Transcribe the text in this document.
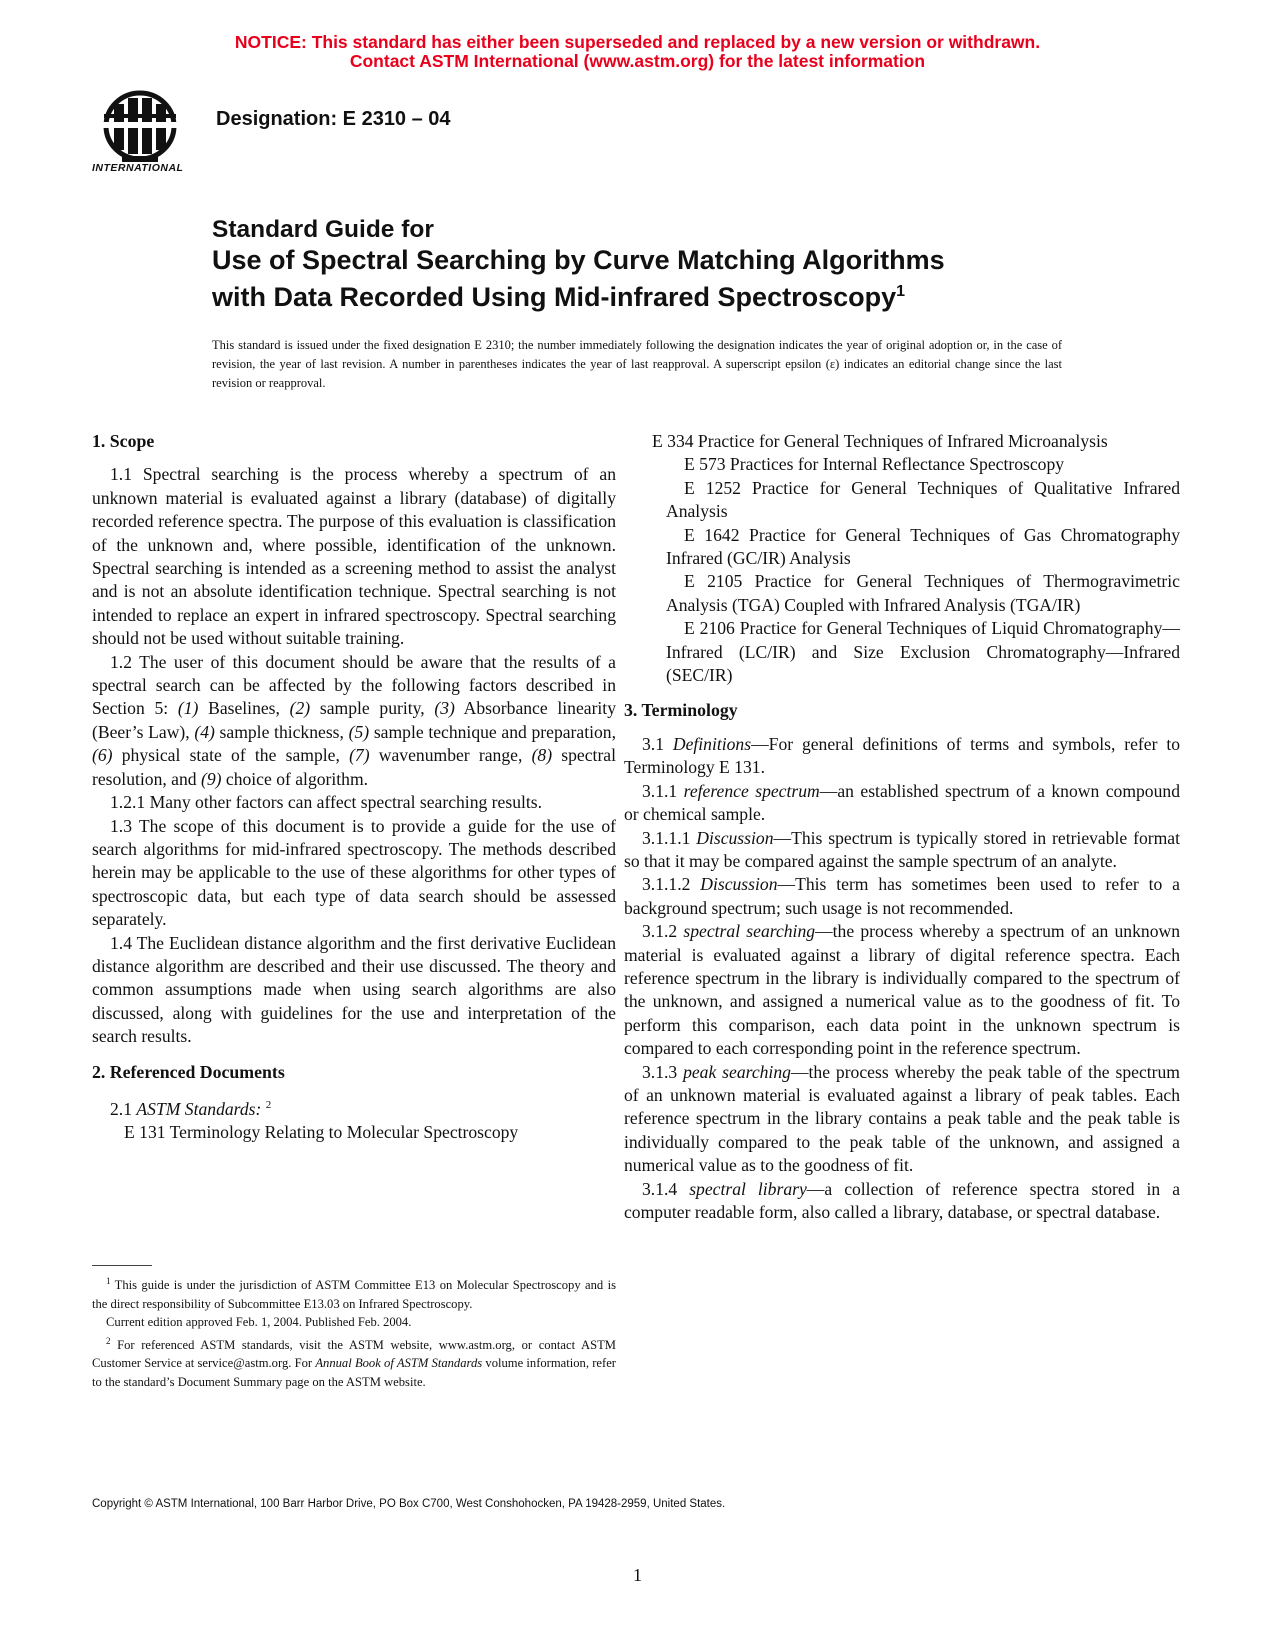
NOTICE: This standard has either been superseded and replaced by a new version or withdrawn.
Contact ASTM International (www.astm.org) for the latest information
INTERNATIONAL
Designation: E 2310 – 04
Standard Guide for
Use of Spectral Searching by Curve Matching Algorithms
with Data Recorded Using Mid-infrared Spectroscopy$^1$
This standard is issued under the fixed designation E 2310; the number immediately following the designation indicates the year of original adoption or, in the case of revision, the year of last revision. A number in parentheses indicates the year of last reapproval. A superscript epsilon (ε) indicates an editorial change since the last revision or reapproval.
1. Scope

1.1 Spectral searching is the process whereby a spectrum of an unknown material is evaluated against a library (database) of digitally recorded reference spectra. The purpose of this evaluation is classification of the unknown and, where possible, identification of the unknown. Spectral searching is intended as a screening method to assist the analyst and is not an absolute identification technique. Spectral searching is not intended to replace an expert in infrared spectroscopy. Spectral searching should not be used without suitable training.

1.2 The user of this document should be aware that the results of a spectral search can be affected by the following factors described in Section 5: (1) Baselines, (2) sample purity, (3) Absorbance linearity (Beer’s Law), (4) sample thickness, (5) sample technique and preparation, (6) physical state of the sample, (7) wavenumber range, (8) spectral resolution, and (9) choice of algorithm.

1.2.1 Many other factors can affect spectral searching results.

1.3 The scope of this document is to provide a guide for the use of search algorithms for mid-infrared spectroscopy. The methods described herein may be applicable to the use of these algorithms for other types of spectroscopic data, but each type of data search should be assessed separately.

1.4 The Euclidean distance algorithm and the first derivative Euclidean distance algorithm are described and their use discussed. The theory and common assumptions made when using search algorithms are also discussed, along with guidelines for the use and interpretation of the search results.

2. Referenced Documents

2.1 ASTM Standards: $^2$

E 131 Terminology Relating to Molecular Spectroscopy

E 334 Practice for General Techniques of Infrared Microanalysis

E 573 Practices for Internal Reflectance Spectroscopy

E 1252 Practice for General Techniques of Qualitative Infrared Analysis

E 1642 Practice for General Techniques of Gas Chromatography Infrared (GC/IR) Analysis

E 2105 Practice for General Techniques of Thermogravimetric Analysis (TGA) Coupled with Infrared Analysis (TGA/IR)

E 2106 Practice for General Techniques of Liquid Chromatography—Infrared (LC/IR) and Size Exclusion Chromatography—Infrared (SEC/IR)

3. Terminology

3.1 Definitions—For general definitions of terms and symbols, refer to Terminology E 131.

3.1.1 reference spectrum—an established spectrum of a known compound or chemical sample.

3.1.1.1 Discussion—This spectrum is typically stored in retrievable format so that it may be compared against the sample spectrum of an analyte.

3.1.1.2 Discussion—This term has sometimes been used to refer to a background spectrum; such usage is not recommended.

3.1.2 spectral searching—the process whereby a spectrum of an unknown material is evaluated against a library of digital reference spectra. Each reference spectrum in the library is individually compared to the spectrum of the unknown, and assigned a numerical value as to the goodness of fit. To perform this comparison, each data point in the unknown spectrum is compared to each corresponding point in the reference spectrum.

3.1.3 peak searching—the process whereby the peak table of the spectrum of an unknown material is evaluated against a library of peak tables. Each reference spectrum in the library contains a peak table and the peak table is individually compared to the peak table of the unknown, and assigned a numerical value as to the goodness of fit.

3.1.4 spectral library—a collection of reference spectra stored in a computer readable form, also called a library, database, or spectral database.

$^1$ This guide is under the jurisdiction of ASTM Committee E13 on Molecular Spectroscopy and is the direct responsibility of Subcommittee E13.03 on Infrared Spectroscopy.

Current edition approved Feb. 1, 2004. Published Feb. 2004.

$^2$ For referenced ASTM standards, visit the ASTM website, www.astm.org, or contact ASTM Customer Service at service@astm.org. For Annual Book of ASTM Standards volume information, refer to the standard’s Document Summary page on the ASTM website.

Copyright © ASTM International, 100 Barr Harbor Drive, PO Box C700, West Conshohocken, PA 19428-2959, United States.
1
